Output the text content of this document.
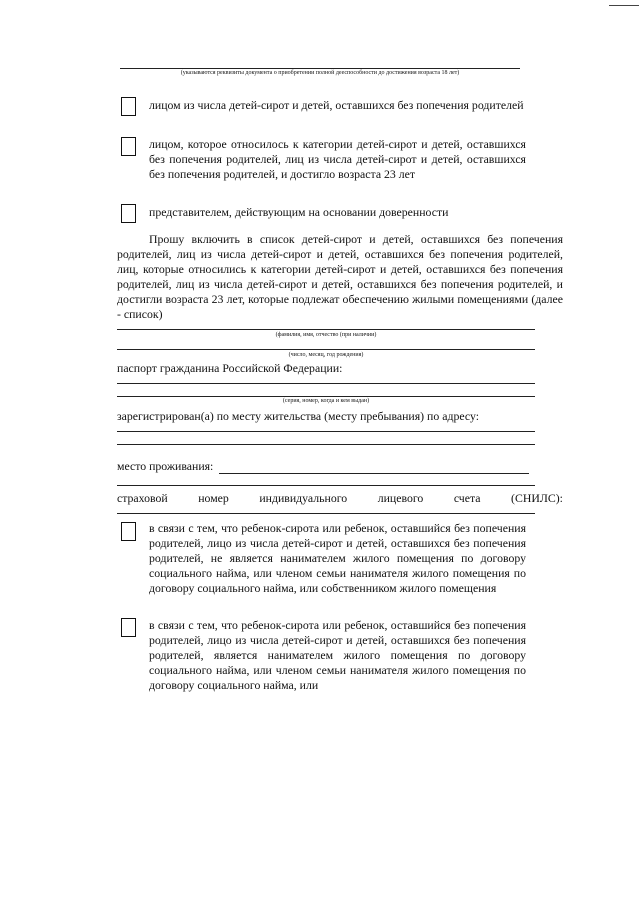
(указываются реквизиты документа о приобретении полной дееспособности до достижения возраста 18 лет)
лицом из числа детей-сирот и детей, оставшихся без попечения родителей
лицом, которое относилось к категории детей-сирот и детей, оставшихся без попечения родителей, лиц из числа детей-сирот и детей, оставшихся без попечения родителей, и достигло возраста 23 лет
представителем, действующим на основании доверенности
Прошу включить в список детей-сирот и детей, оставшихся без попечения родителей, лиц из числа детей-сирот и детей, оставшихся без попечения родителей, лиц, которые относились к категории детей-сирот и детей, оставшихся без попечения родителей, лиц из числа детей-сирот и детей, оставшихся без попечения родителей, и достигли возраста 23 лет, которые подлежат обеспечению жилыми помещениями (далее - список)
(фамилия, имя, отчество (при наличии)
(число, месяц, год рождения)
паспорт гражданина Российской Федерации:
(серия, номер, когда и кем выдан)
зарегистрирован(а) по месту жительства (месту пребывания) по адресу:
место проживания:
страховой	номер	индивидуального	лицевого	счета	(СНИЛС):
в связи с тем, что ребенок-сирота или ребенок, оставшийся без попечения родителей, лицо из числа детей-сирот и детей, оставшихся без попечения родителей, не является нанимателем жилого помещения по договору социального найма, или членом семьи нанимателя жилого помещения по договору социального найма, или собственником жилого помещения
в связи с тем, что ребенок-сирота или ребенок, оставшийся без попечения родителей, лицо из числа детей-сирот и детей, оставшихся без попечения родителей, является нанимателем жилого помещения по договору социального найма, или членом семьи нанимателя жилого помещения по договору социального найма, или
